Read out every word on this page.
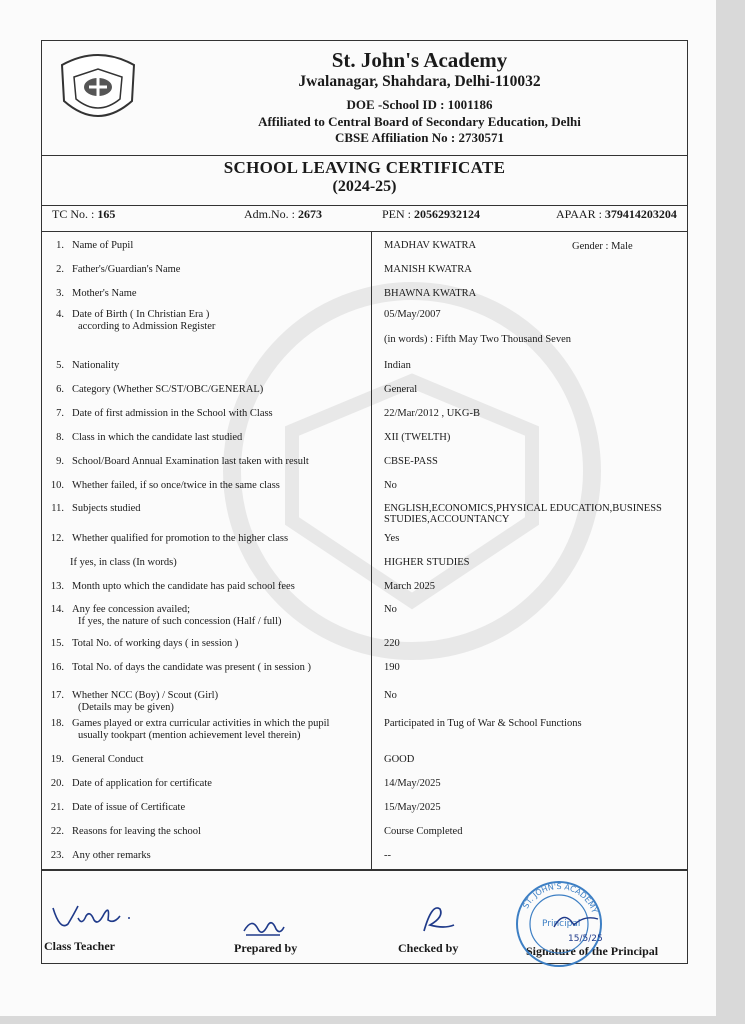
St. John's Academy
Jwalanagar, Shahdara, Delhi-110032
DOE -School ID : 1001186
Affiliated to Central Board of Secondary Education, Delhi
CBSE Affiliation No : 2730571
SCHOOL LEAVING CERTIFICATE
(2024-25)
TC No. : 165	Adm.No. : 2673	PEN : 20562932124	APAAR : 379414203204
1. Name of Pupil	MADHAV KWATRA
2. Father's/Guardian's Name	MANISH KWATRA
3. Mother's Name	BHAWNA KWATRA
4. Date of Birth ( In Christian Era )
according to Admission Register
05/May/2007
(in words) : Fifth May Two Thousand Seven
5. Nationality	Indian
6. Category (Whether SC/ST/OBC/GENERAL)	General
7. Date of first admission in the School with Class	22/Mar/2012 , UKG-B
8. Class in which the candidate last studied	XII (TWELTH)
9. School/Board Annual Examination last taken with result	CBSE-PASS
10. Whether failed, if so once/twice in the same class	No
11. Subjects studied	ENGLISH,ECONOMICS,PHYSICAL EDUCATION,BUSINESS
STUDIES,ACCOUNTANCY
12. Whether qualified for promotion to the higher class	Yes
If yes, in class (In words)	HIGHER STUDIES
13. Month upto which the candidate has paid school fees	March 2025
14. Any fee concession availed;
If yes, the nature of such concession (Half / full)
No
15. Total No. of working days ( in session )	220
16. Total No. of days the candidate was present ( in session )	190
17. Whether NCC (Boy) / Scout (Girl)
(Details may be given)
No
18. Games played or extra curricular activities in which the pupil
usually tookpart (mention achievement level therein)
Participated in Tug of War & School Functions
19. General Conduct	GOOD
20. Date of application for certificate	14/May/2025
21. Date of issue of Certificate	15/May/2025
22. Reasons for leaving the school	Course Completed
23. Any other remarks	--
Gender : Male
Class Teacher	Prepared by	Checked by	Signature of the Principal
ST. JOHN'S ACADEMY
Principal
15/5/25
